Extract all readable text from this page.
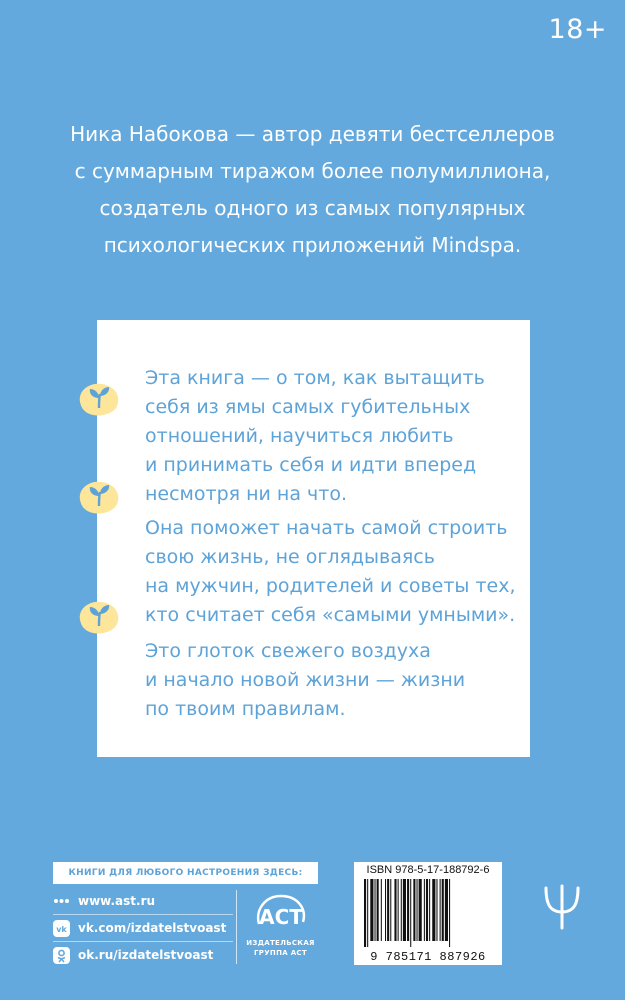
18+
Ника Набокова — автор девяти бестселлеров
с суммарным тиражом более полумиллиона,
создатель одного из самых популярных
психологических приложений Mindspa.
Эта книга — о том, как вытащить
себя из ямы самых губительных
отношений, научиться любить
и принимать себя и идти вперед
несмотря ни на что.
Она поможет начать самой строить
свою жизнь, не оглядываясь
на мужчин, родителей и советы тех,
кто считает себя «самыми умными».
Это глоток свежего воздуха
и начало новой жизни — жизни
по твоим правилам.
КНИГИ ДЛЯ ЛЮБОГО НАСТРОЕНИЯ ЗДЕСЬ:
www.ast.ru
vk vk.com/izdatelstvoast
ok.ru/izdatelstvoast
АСТ
ИЗДАТЕЛЬСКАЯ
ГРУППА АСТ
ISBN 978-5-17-188792-6
9 785171 887926
